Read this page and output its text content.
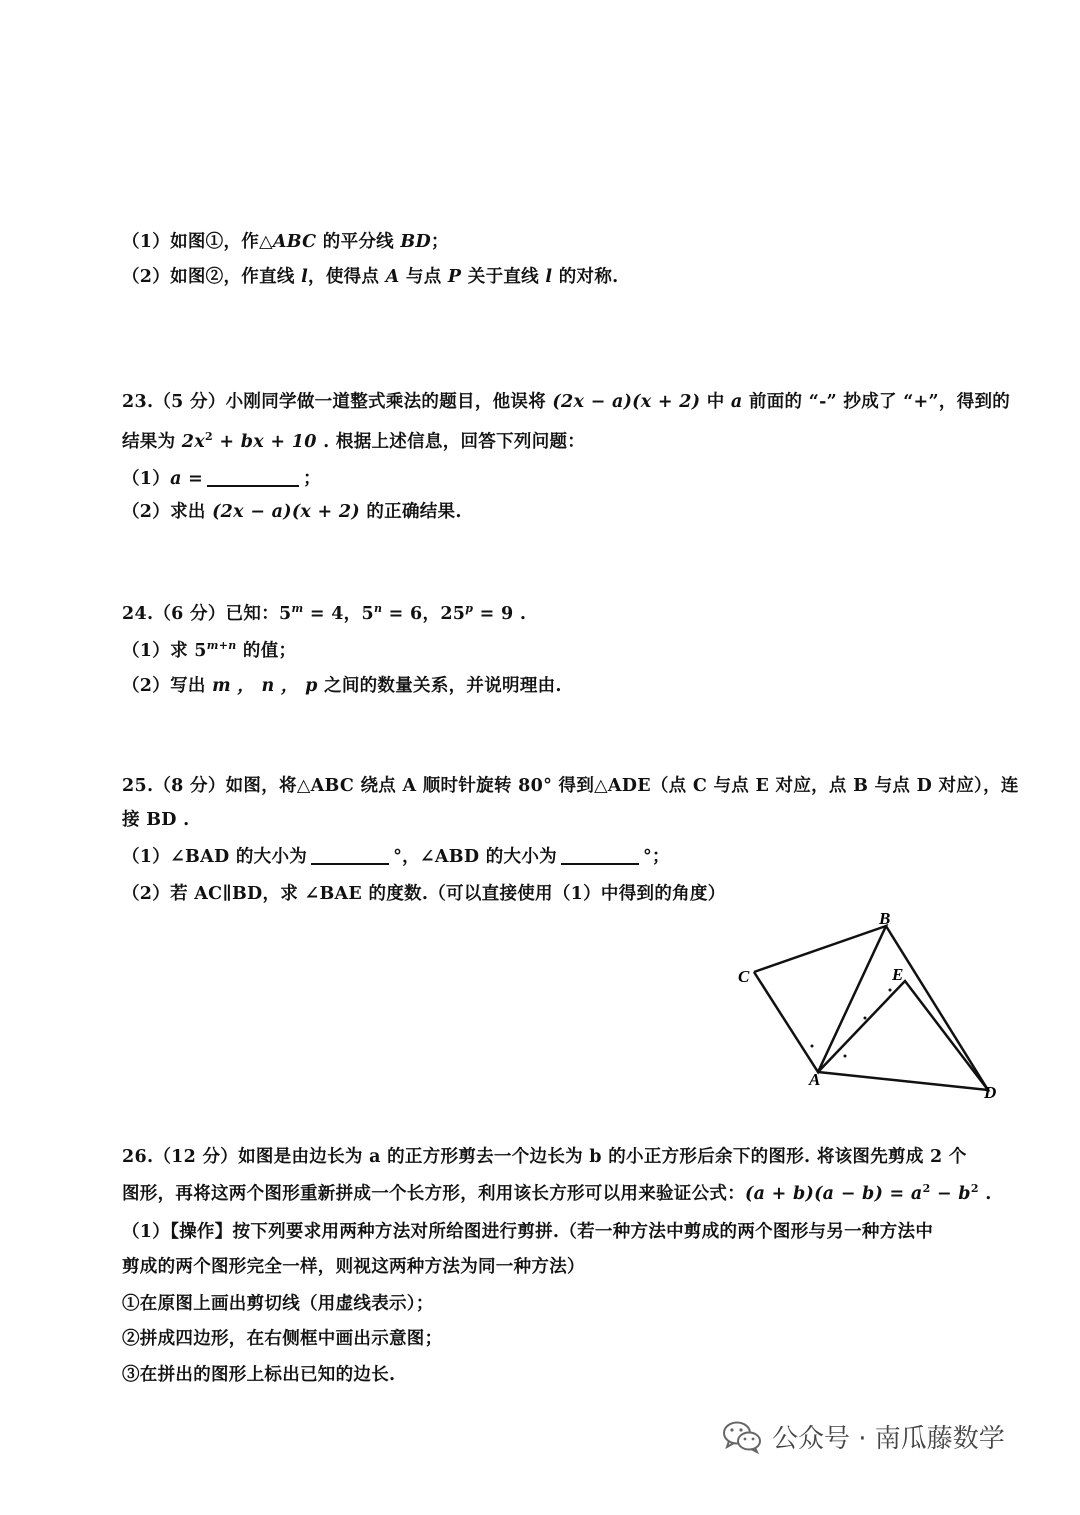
（1）如图①，作△ABC 的平分线 BD；
（2）如图②，作直线 l，使得点 A 与点 P 关于直线 l 的对称.
23.（5 分）小刚同学做一道整式乘法的题目，他误将 (2x − a)(x + 2) 中 a 前面的 “-” 抄成了 “+”，得到的
结果为 $2x^2$ + bx + 10 . 根据上述信息，回答下列问题：
（1）a =	；
（2）求出 (2x − a)(x + 2) 的正确结果.
24.（6 分）已知：$5^m = 4$，$5^n = 6$，$25^p = 9$ .
（1）求 $5^{m+n}$ 的值；
（2）写出 m ， n ， p 之间的数量关系，并说明理由.
25.（8 分）如图，将△ABC 绕点 A 顺时针旋转 80° 得到△ADE（点 C 与点 E 对应，点 B 与点 D 对应），连
接 BD .
（1）∠BAD 的大小为	°，∠ABD 的大小为	°；
（2）若 AC∥BD，求 ∠BAE 的度数.（可以直接使用（1）中得到的角度）
B
C	E
A
D
26.（12 分）如图是由边长为 a 的正方形剪去一个边长为 b 的小正方形后余下的图形. 将该图先剪成 2 个
图形，再将这两个图形重新拼成一个长方形，利用该长方形可以用来验证公式：$(a + b)(a - b) = a^2 - b^2$ .
（1）【操作】按下列要求用两种方法对所给图进行剪拼.（若一种方法中剪成的两个图形与另一种方法中
剪成的两个图形完全一样，则视这两种方法为同一种方法）
①在原图上画出剪切线（用虚线表示）；
②拼成四边形，在右侧框中画出示意图；
③在拼出的图形上标出已知的边长.
公众号 · 南瓜藤数学
